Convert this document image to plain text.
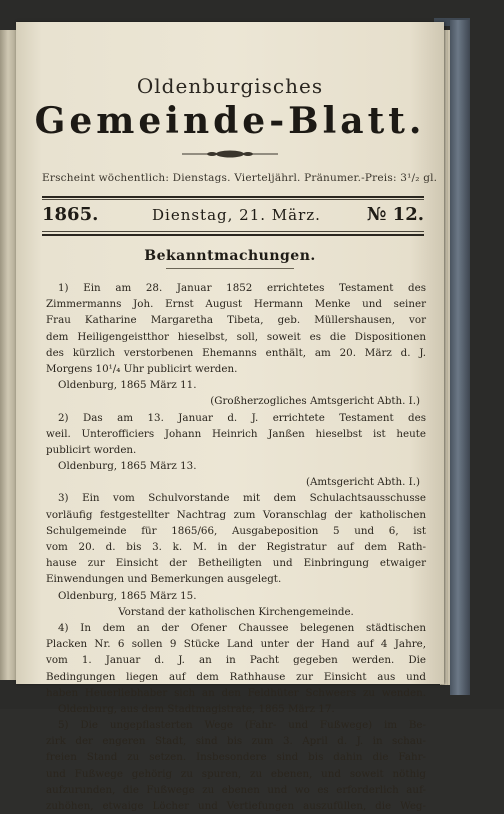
Oldenburgisches
Gemeinde-Blatt.
Erscheint wöchentlich: Dienstags. Vierteljährl. Pränumer.-Preis: 3¹/₂ gl.
1865.	Dienstag, 21. März.	№ 12.
Bekanntmachungen.
1) Ein am 28. Januar 1852 errichtetes Testament des
Zimmermanns Joh. Ernst August Hermann Menke und seiner
Frau Katharine Margaretha Tibeta, geb. Müllershausen, vor
dem Heiligengeistthor hieselbst, soll, soweit es die Dispositionen
des kürzlich verstorbenen Ehemanns enthält, am 20. März d. J.
Morgens 10¹/₄ Uhr publicirt werden.
Oldenburg, 1865 März 11.
(Großherzogliches Amtsgericht Abth. I.)
2) Das am 13. Januar d. J. errichtete Testament des
weil. Unterofficiers Johann Heinrich Janßen hieselbst ist heute
publicirt worden.
Oldenburg, 1865 März 13.
(Amtsgericht Abth. I.)
3) Ein vom Schulvorstande mit dem Schulachtsausschusse
vorläufig festgestellter Nachtrag zum Voranschlag der katholischen
Schulgemeinde für 1865/66, Ausgabeposition 5 und 6, ist
vom 20. d. bis 3. k. M. in der Registratur auf dem Rath-
hause zur Einsicht der Betheiligten und Einbringung etwaiger
Einwendungen und Bemerkungen ausgelegt.
Oldenburg, 1865 März 15.
Vorstand der katholischen Kirchengemeinde.
4) In dem an der Ofener Chaussee belegenen städtischen
Placken Nr. 6 sollen 9 Stücke Land unter der Hand auf 4 Jahre,
vom 1. Januar d. J. an in Pacht gegeben werden. Die
Bedingungen liegen auf dem Rathhause zur Einsicht aus und
haben Heuerliebhaber sich an den Feldhüter Schweers zu wenden.
Oldenburg, aus dem Stadtmagistrate, 1865 März 17.
5) Die ungepflasterten Wege (Fahr- und Fußwege) im Be-
zirk der engeren Stadt, sind bis zum 3. April d. J. in schau-
freien Stand zu setzen. Insbesondere sind bis dahin die Fahr-
und Fußwege gehörig zu spuren, zu ebenen, und soweit nöthig
aufzurunden, die Fußwege zu ebenen und wo es erforderlich auf-
zuhöhen, etwaige Löcher und Vertiefungen auszufüllen, die Weg-
